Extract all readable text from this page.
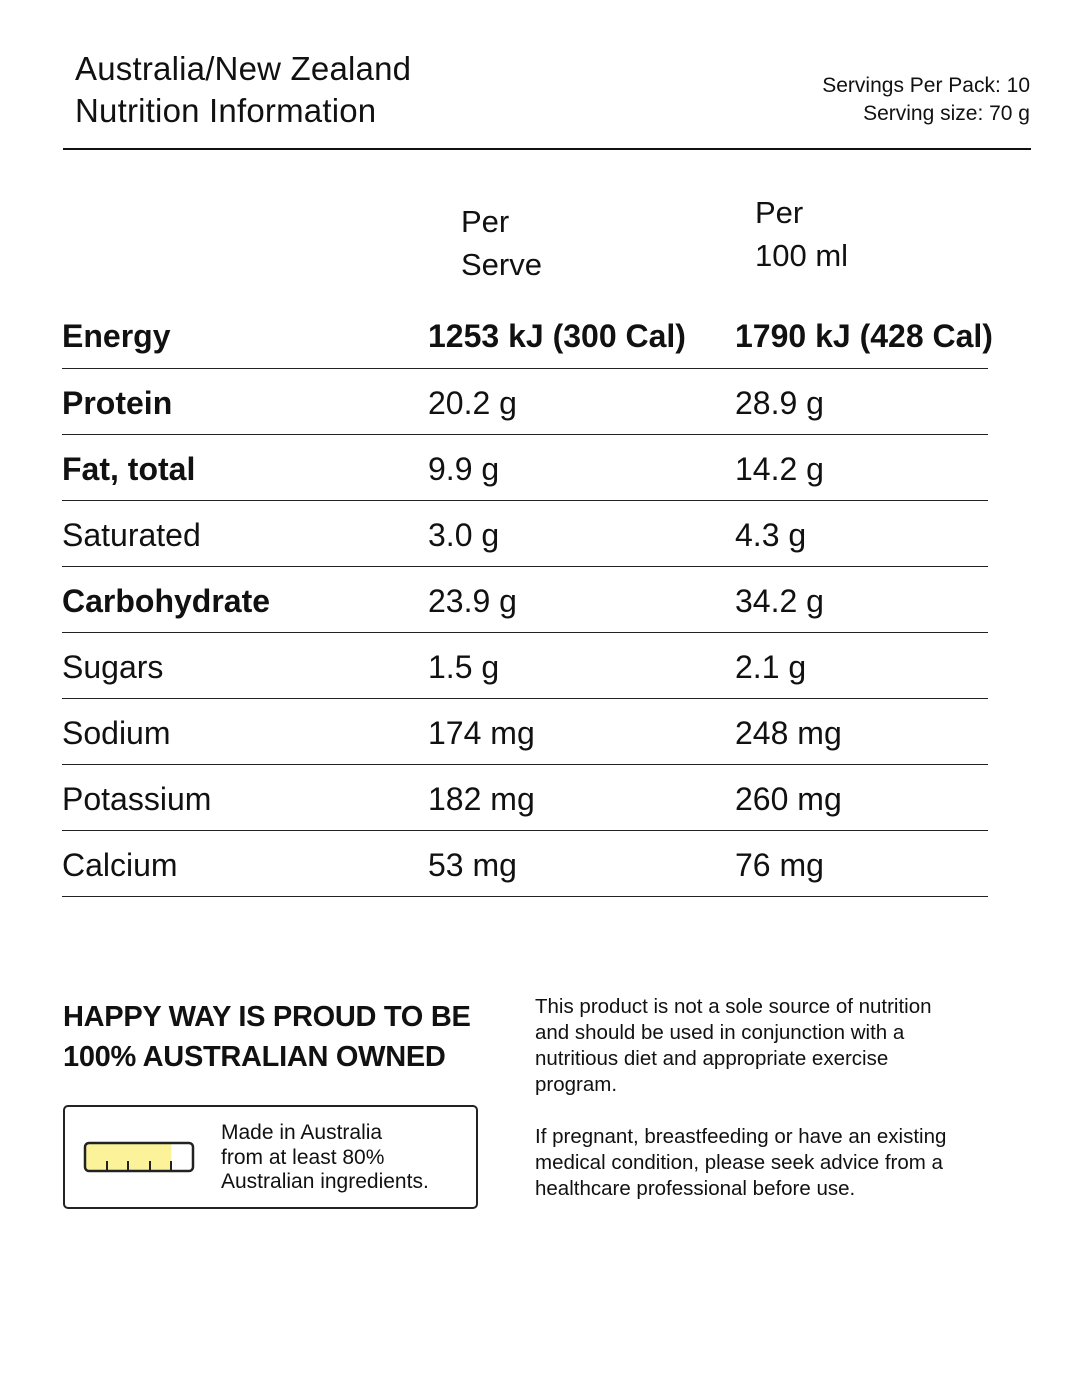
Australia/New Zealand
Nutrition Information
Servings Per Pack: 10
Serving size: 70 g
Per
Serve
Per
100 ml
Energy	1253 kJ (300 Cal) 1790 kJ (428 Cal)
Protein	20.2 g	28.9 g
Fat, total	9.9 g	14.2 g
Saturated	3.0 g	4.3 g
Carbohydrate	23.9 g	34.2 g
Sugars	1.5 g	2.1 g
Sodium	174 mg	248 mg
Potassium	182 mg	260 mg
Calcium	53 mg	76 mg
HAPPY WAY IS PROUD TO BE
100% AUSTRALIAN OWNED
Made in Australia
from at least 80%
Australian ingredients.
This product is not a sole source of nutrition
and should be used in conjunction with a
nutritious diet and appropriate exercise
program.
If pregnant, breastfeeding or have an existing
medical condition, please seek advice from a
healthcare professional before use.
